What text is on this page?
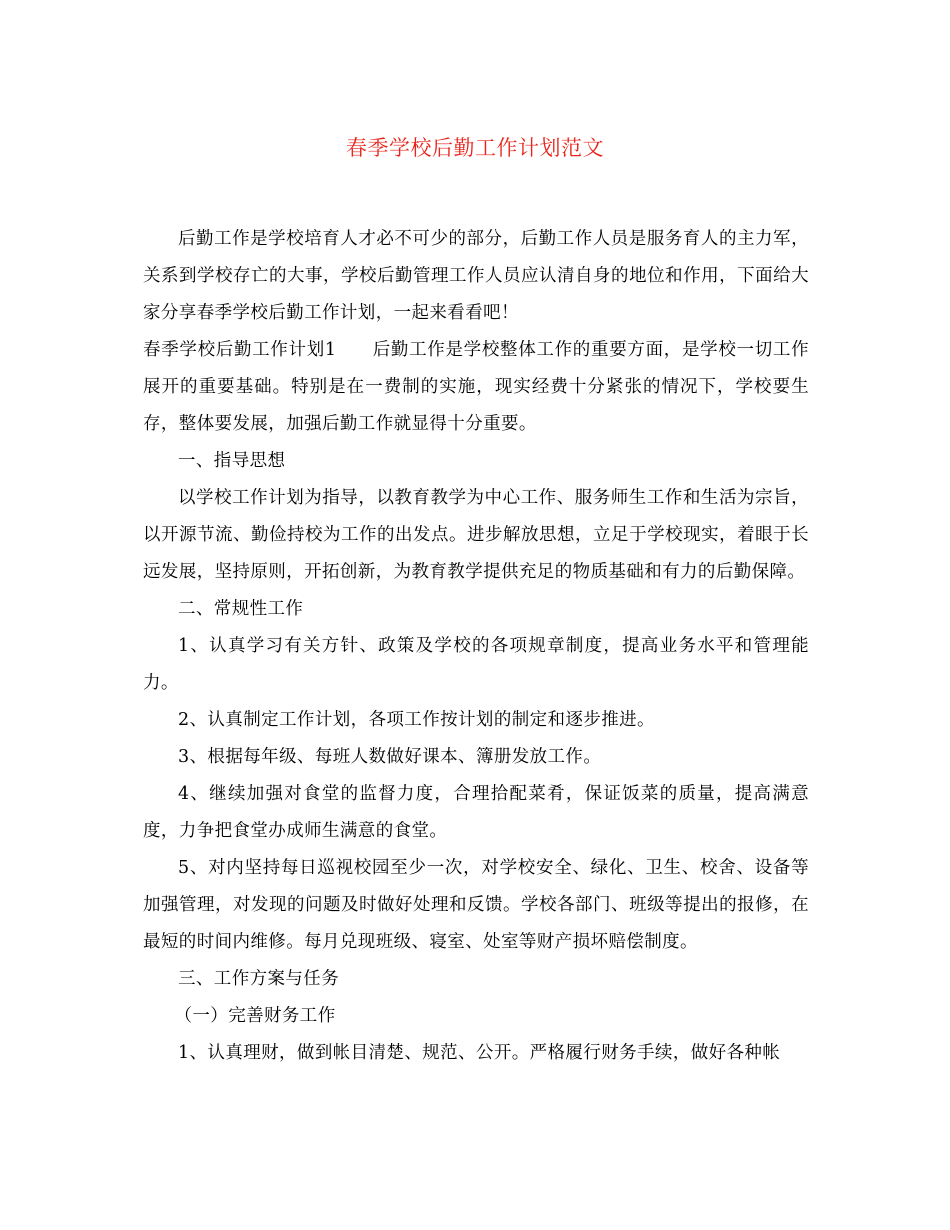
春季学校后勤工作计划范文

后勤工作是学校培育人才必不可少的部分，后勤工作人员是服务育人的主力军，关系到学校存亡的大事，学校后勤管理工作人员应认清自身的地位和作用，下面给大家分享春季学校后勤工作计划，一起来看看吧！

春季学校后勤工作计划1 后勤工作是学校整体工作的重要方面，是学校一切工作展开的重要基础。特别是在一费制的实施，现实经费十分紧张的情况下，学校要生存，整体要发展，加强后勤工作就显得十分重要。

一、指导思想

以学校工作计划为指导，以教育教学为中心工作、服务师生工作和生活为宗旨，以开源节流、勤俭持校为工作的出发点。进步解放思想，立足于学校现实，着眼于长远发展，坚持原则，开拓创新，为教育教学提供充足的物质基础和有力的后勤保障。

二、常规性工作

1、认真学习有关方针、政策及学校的各项规章制度，提高业务水平和管理能力。

2、认真制定工作计划，各项工作按计划的制定和逐步推进。

3、根据每年级、每班人数做好课本、簿册发放工作。

4、继续加强对食堂的监督力度，合理拾配菜肴，保证饭菜的质量，提高满意度，力争把食堂办成师生满意的食堂。

5、对内坚持每日巡视校园至少一次，对学校安全、绿化、卫生、校舍、设备等加强管理，对发现的问题及时做好处理和反馈。学校各部门、班级等提出的报修，在最短的时间内维修。每月兑现班级、寝室、处室等财产损坏赔偿制度。

三、工作方案与任务

（一）完善财务工作

1、认真理财，做到帐目清楚、规范、公开。严格履行财务手续，做好各种帐
